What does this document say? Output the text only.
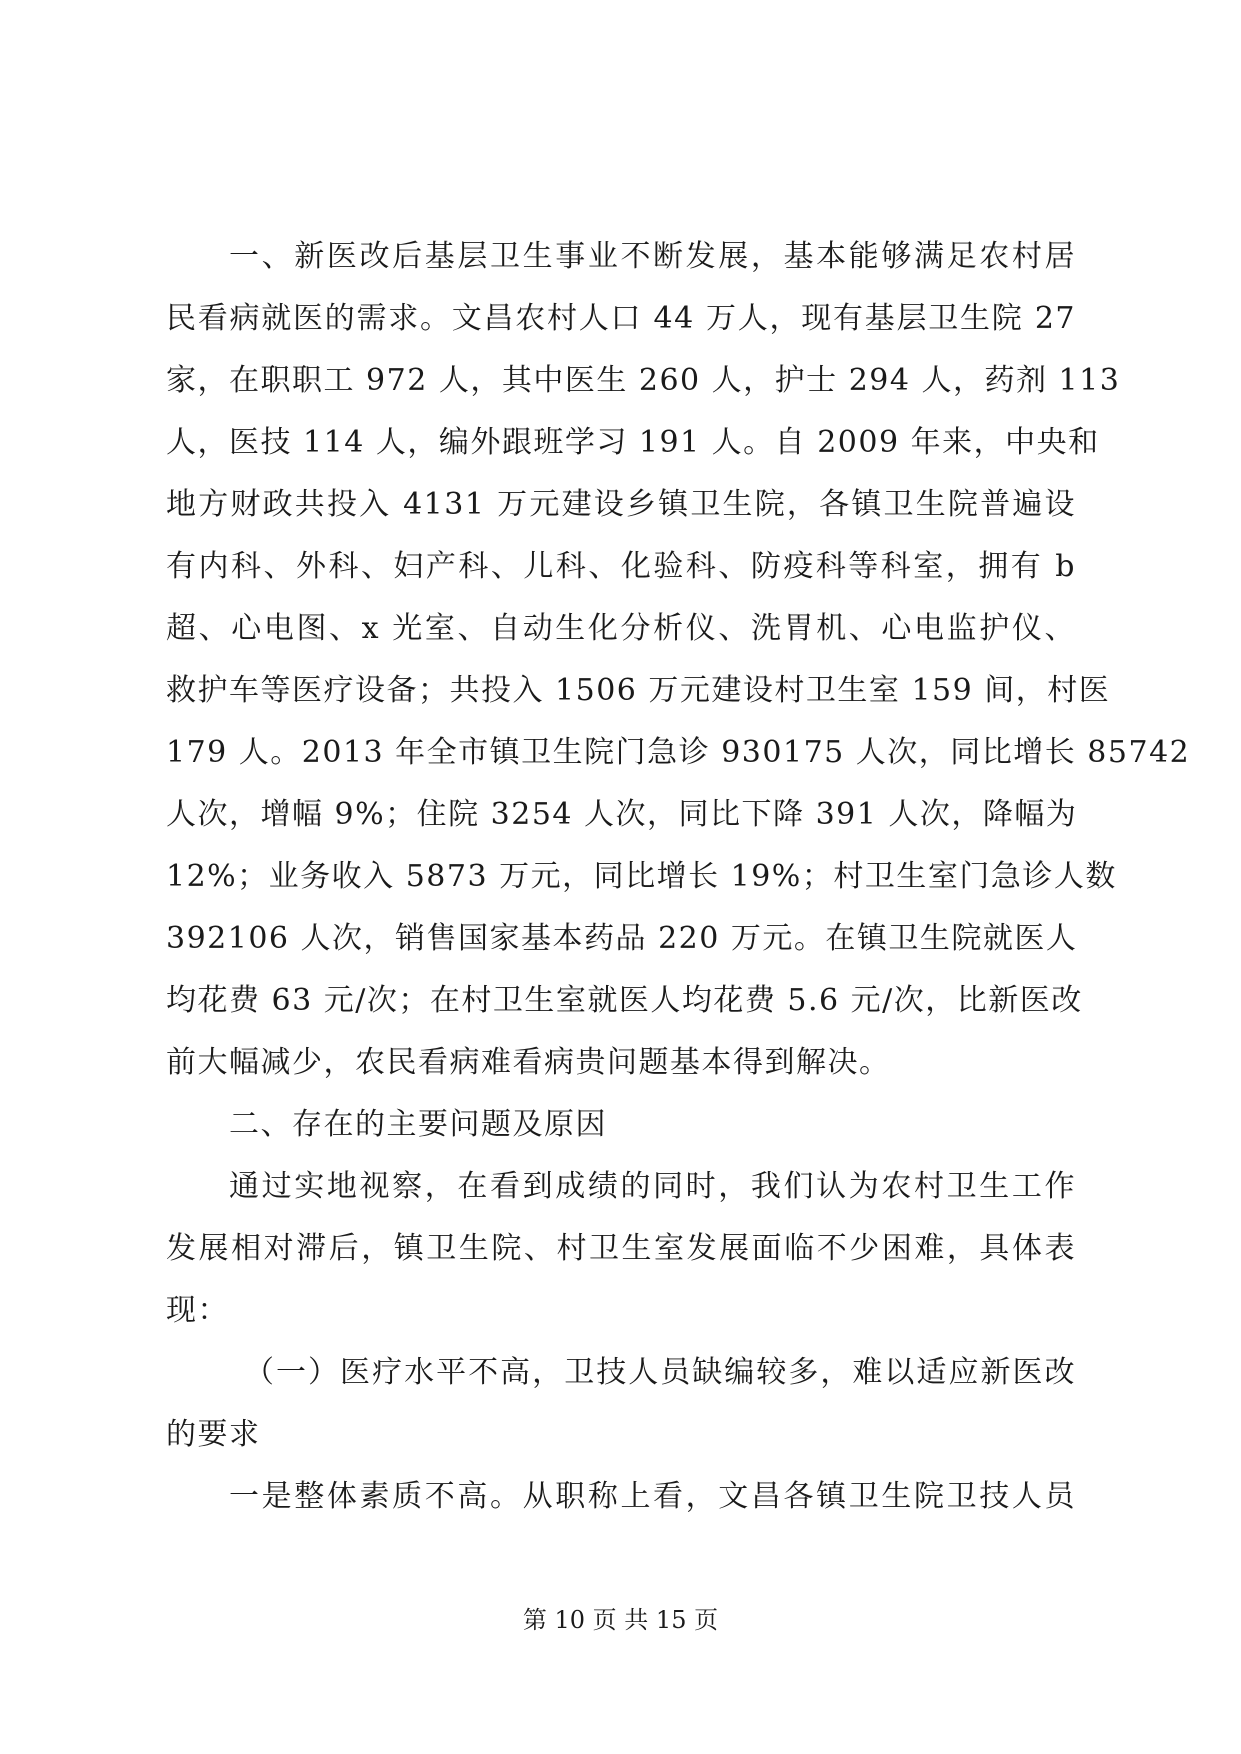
一、新医改后基层卫生事业不断发展，基本能够满足农村居
民看病就医的需求。文昌农村人口 44 万人，现有基层卫生院 27
家，在职职工 972 人，其中医生 260 人，护士 294 人，药剂 113
人，医技 114 人，编外跟班学习 191 人。自 2009 年来，中央和
地方财政共投入 4131 万元建设乡镇卫生院，各镇卫生院普遍设
有内科、外科、妇产科、儿科、化验科、防疫科等科室，拥有 b
超、心电图、x 光室、自动生化分析仪、洗胃机、心电监护仪、
救护车等医疗设备；共投入 1506 万元建设村卫生室 159 间，村医
179 人。2013 年全市镇卫生院门急诊 930175 人次，同比增长 85742
人次，增幅 9%；住院 3254 人次，同比下降 391 人次，降幅为
12%；业务收入 5873 万元，同比增长 19%；村卫生室门急诊人数
392106 人次，销售国家基本药品 220 万元。在镇卫生院就医人
均花费 63 元/次；在村卫生室就医人均花费 5.6 元/次，比新医改
前大幅减少，农民看病难看病贵问题基本得到解决。
二、存在的主要问题及原因
通过实地视察，在看到成绩的同时，我们认为农村卫生工作
发展相对滞后，镇卫生院、村卫生室发展面临不少困难，具体表
现：
（一）医疗水平不高，卫技人员缺编较多，难以适应新医改
的要求
一是整体素质不高。从职称上看，文昌各镇卫生院卫技人员
第 10 页 共 15 页
